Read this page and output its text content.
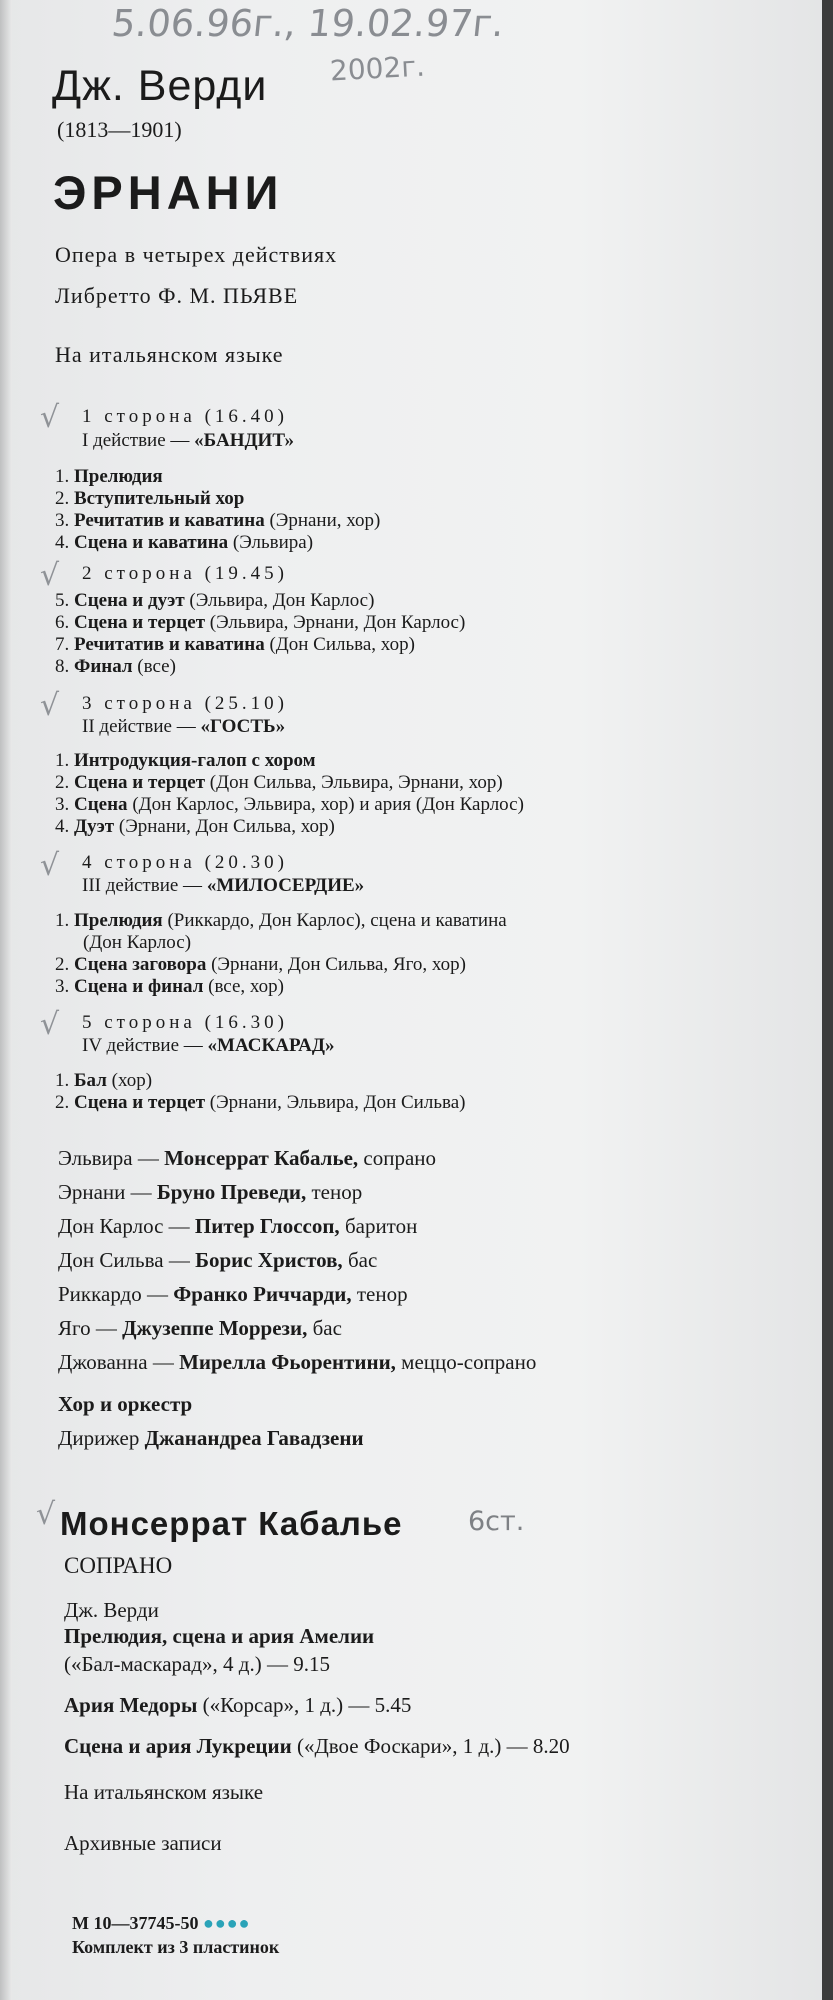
5.06.96г., 19.02.97г.
2002г.
Дж. Верди
(1813—1901)
ЭРНАНИ
Опера в четырех действиях
Либретто Ф. М. ПЬЯВЕ
На итальянском языке
√
√
√
√
√
√
1 сторона (16.40)
I действие — «БАНДИТ»
1. Прелюдия
2. Вступительный хор
3. Речитатив и каватина (Эрнани, хор)
4. Сцена и каватина (Эльвира)
2 сторона (19.45)
5. Сцена и дуэт (Эльвира, Дон Карлос)
6. Сцена и терцет (Эльвира, Эрнани, Дон Карлос)
7. Речитатив и каватина (Дон Сильва, хор)
8. Финал (все)
3 сторона (25.10)
II действие — «ГОСТЬ»
1. Интродукция-галоп с хором
2. Сцена и терцет (Дон Сильва, Эльвира, Эрнани, хор)
3. Сцена (Дон Карлос, Эльвира, хор) и ария (Дон Карлос)
4. Дуэт (Эрнани, Дон Сильва, хор)
4 сторона (20.30)
III действие — «МИЛОСЕРДИЕ»
1. Прелюдия (Риккардо, Дон Карлос), сцена и каватина
(Дон Карлос)
2. Сцена заговора (Эрнани, Дон Сильва, Яго, хор)
3. Сцена и финал (все, хор)
5 сторона (16.30)
IV действие — «МАСКАРАД»
1. Бал (хор)
2. Сцена и терцет (Эрнани, Эльвира, Дон Сильва)
Эльвира — Монсеррат Кабалье, сопрано
Эрнани — Бруно Преведи, тенор
Дон Карлос — Питер Глоссоп, баритон
Дон Сильва — Борис Христов, бас
Риккардо — Франко Риччарди, тенор
Яго — Джузеппе Моррези, бас
Джованна — Мирелла Фьорентини, меццо-сопрано
Хор и оркестр
Дирижер Джанандреа Гавадзени
Монсеррат Кабалье 6ст.
СОПРАНО
Дж. Верди
Прелюдия, сцена и ария Амелии
(«Бал-маскарад», 4 д.) — 9.15
Ария Медоры («Корсар», 1 д.) — 5.45
Сцена и ария Лукреции («Двое Фоскари», 1 д.) — 8.20
На итальянском языке
Архивные записи
М 10—37745-50 ●●●●
Комплект из 3 пластинок
